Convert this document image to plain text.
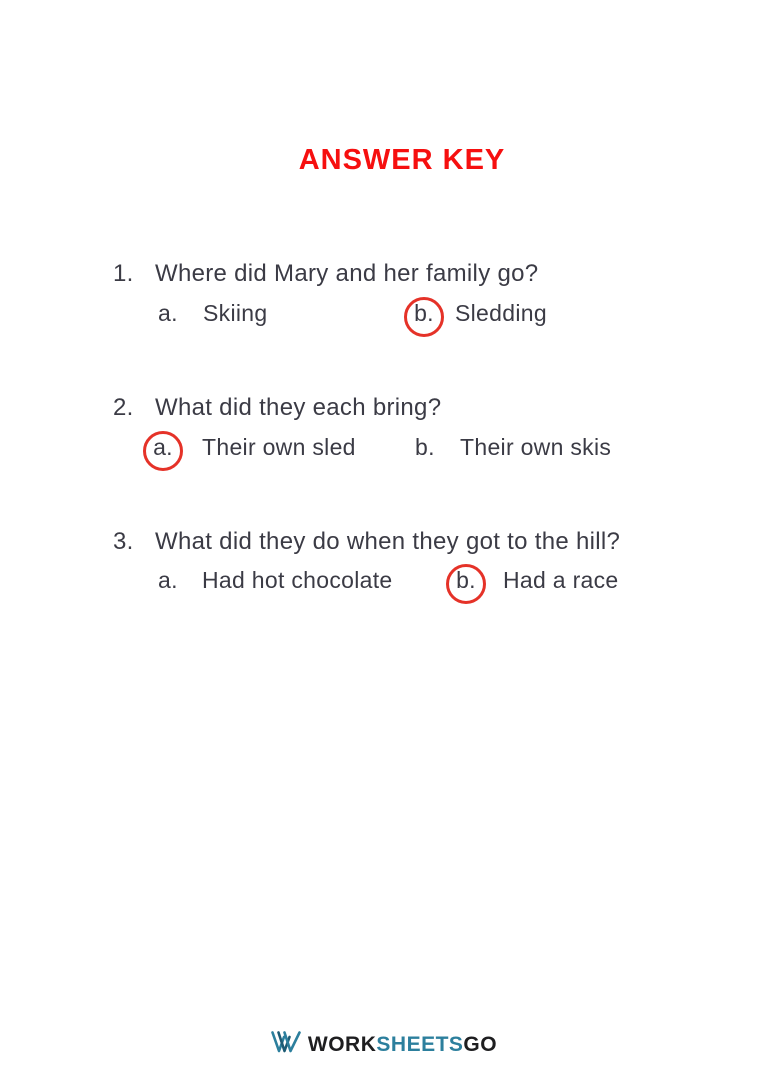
ANSWER KEY
1. Where did Mary and her family go?
a. Skiing	b. Sledding
2. What did they each bring?
a. Their own sled	b. Their own skis
3. What did they do when they got to the hill?
a. Had hot chocolate	b. Had a race
WORKSHEETSGO
